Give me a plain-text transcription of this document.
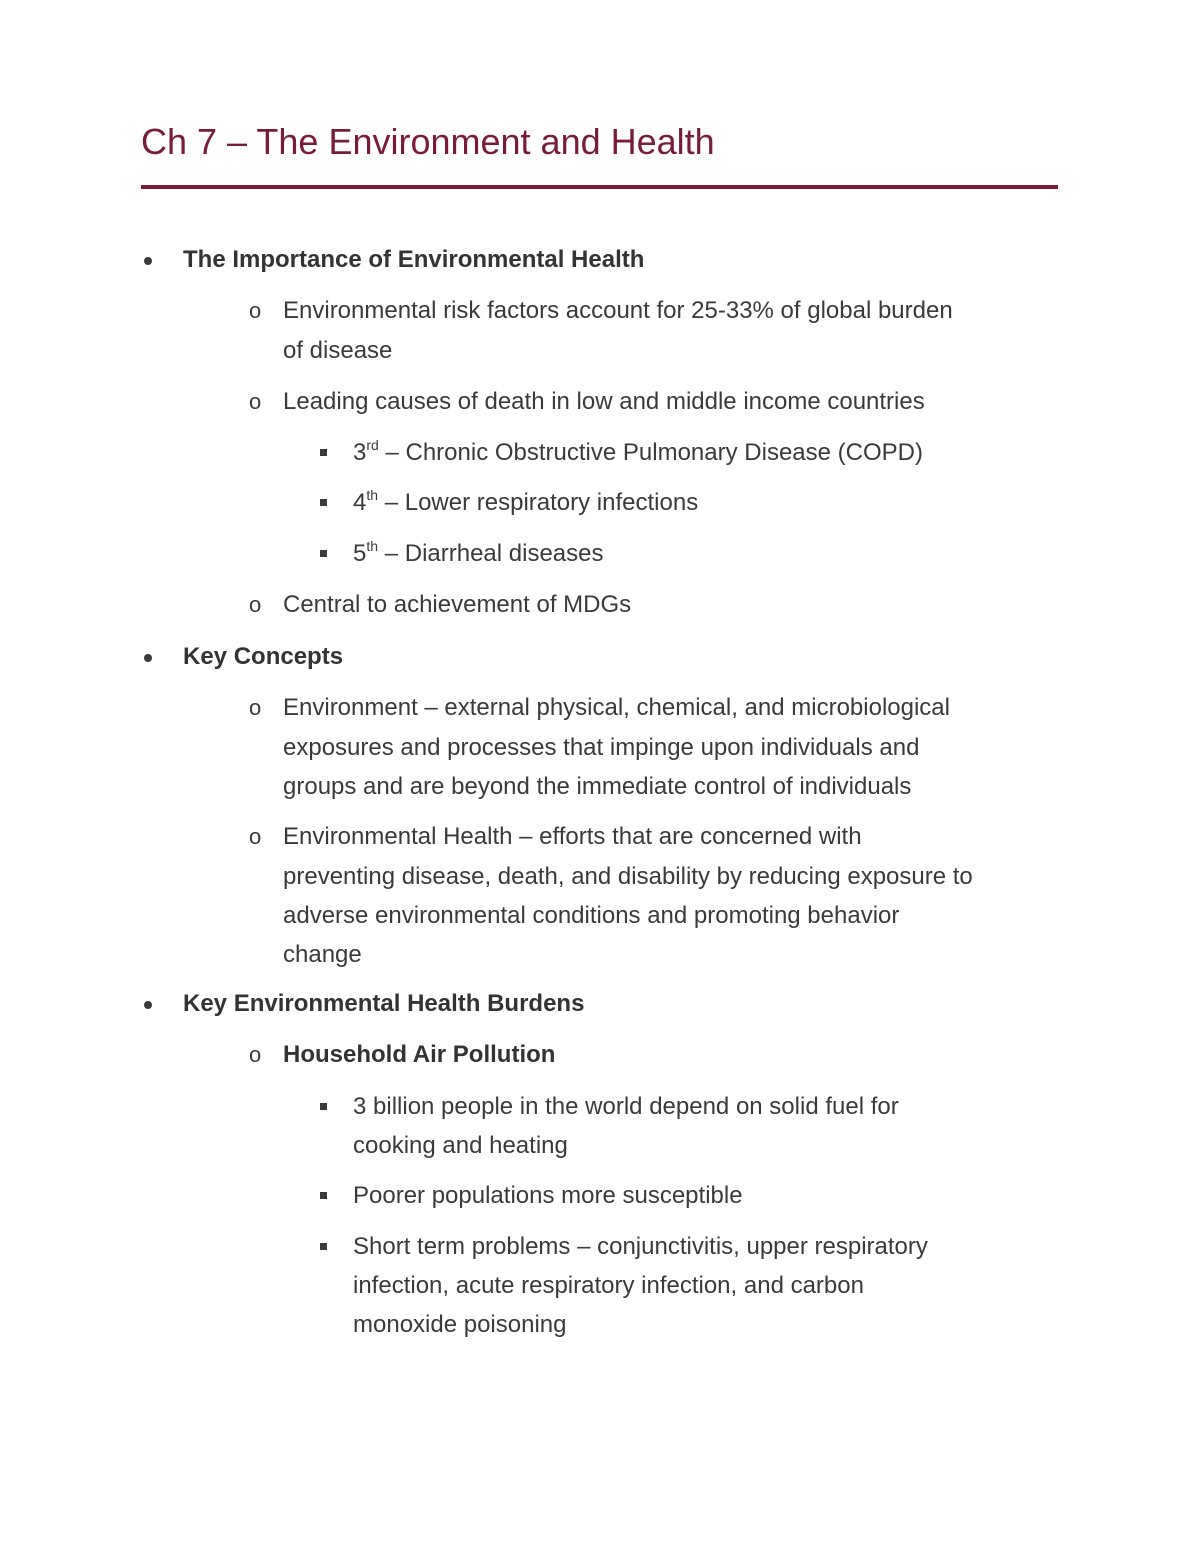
Ch 7 – The Environment and Health
The Importance of Environmental Health
o Environmental risk factors account for 25-33% of global burden
of disease
o Leading causes of death in low and middle income countries
3rd – Chronic Obstructive Pulmonary Disease (COPD)
4th – Lower respiratory infections
5th – Diarrheal diseases
o Central to achievement of MDGs
Key Concepts
o Environment – external physical, chemical, and microbiological
exposures and processes that impinge upon individuals and
groups and are beyond the immediate control of individuals
o Environmental Health – efforts that are concerned with
preventing disease, death, and disability by reducing exposure to
adverse environmental conditions and promoting behavior
change
Key Environmental Health Burdens
o Household Air Pollution
3 billion people in the world depend on solid fuel for
cooking and heating
Poorer populations more susceptible
Short term problems – conjunctivitis, upper respiratory
infection, acute respiratory infection, and carbon
monoxide poisoning
